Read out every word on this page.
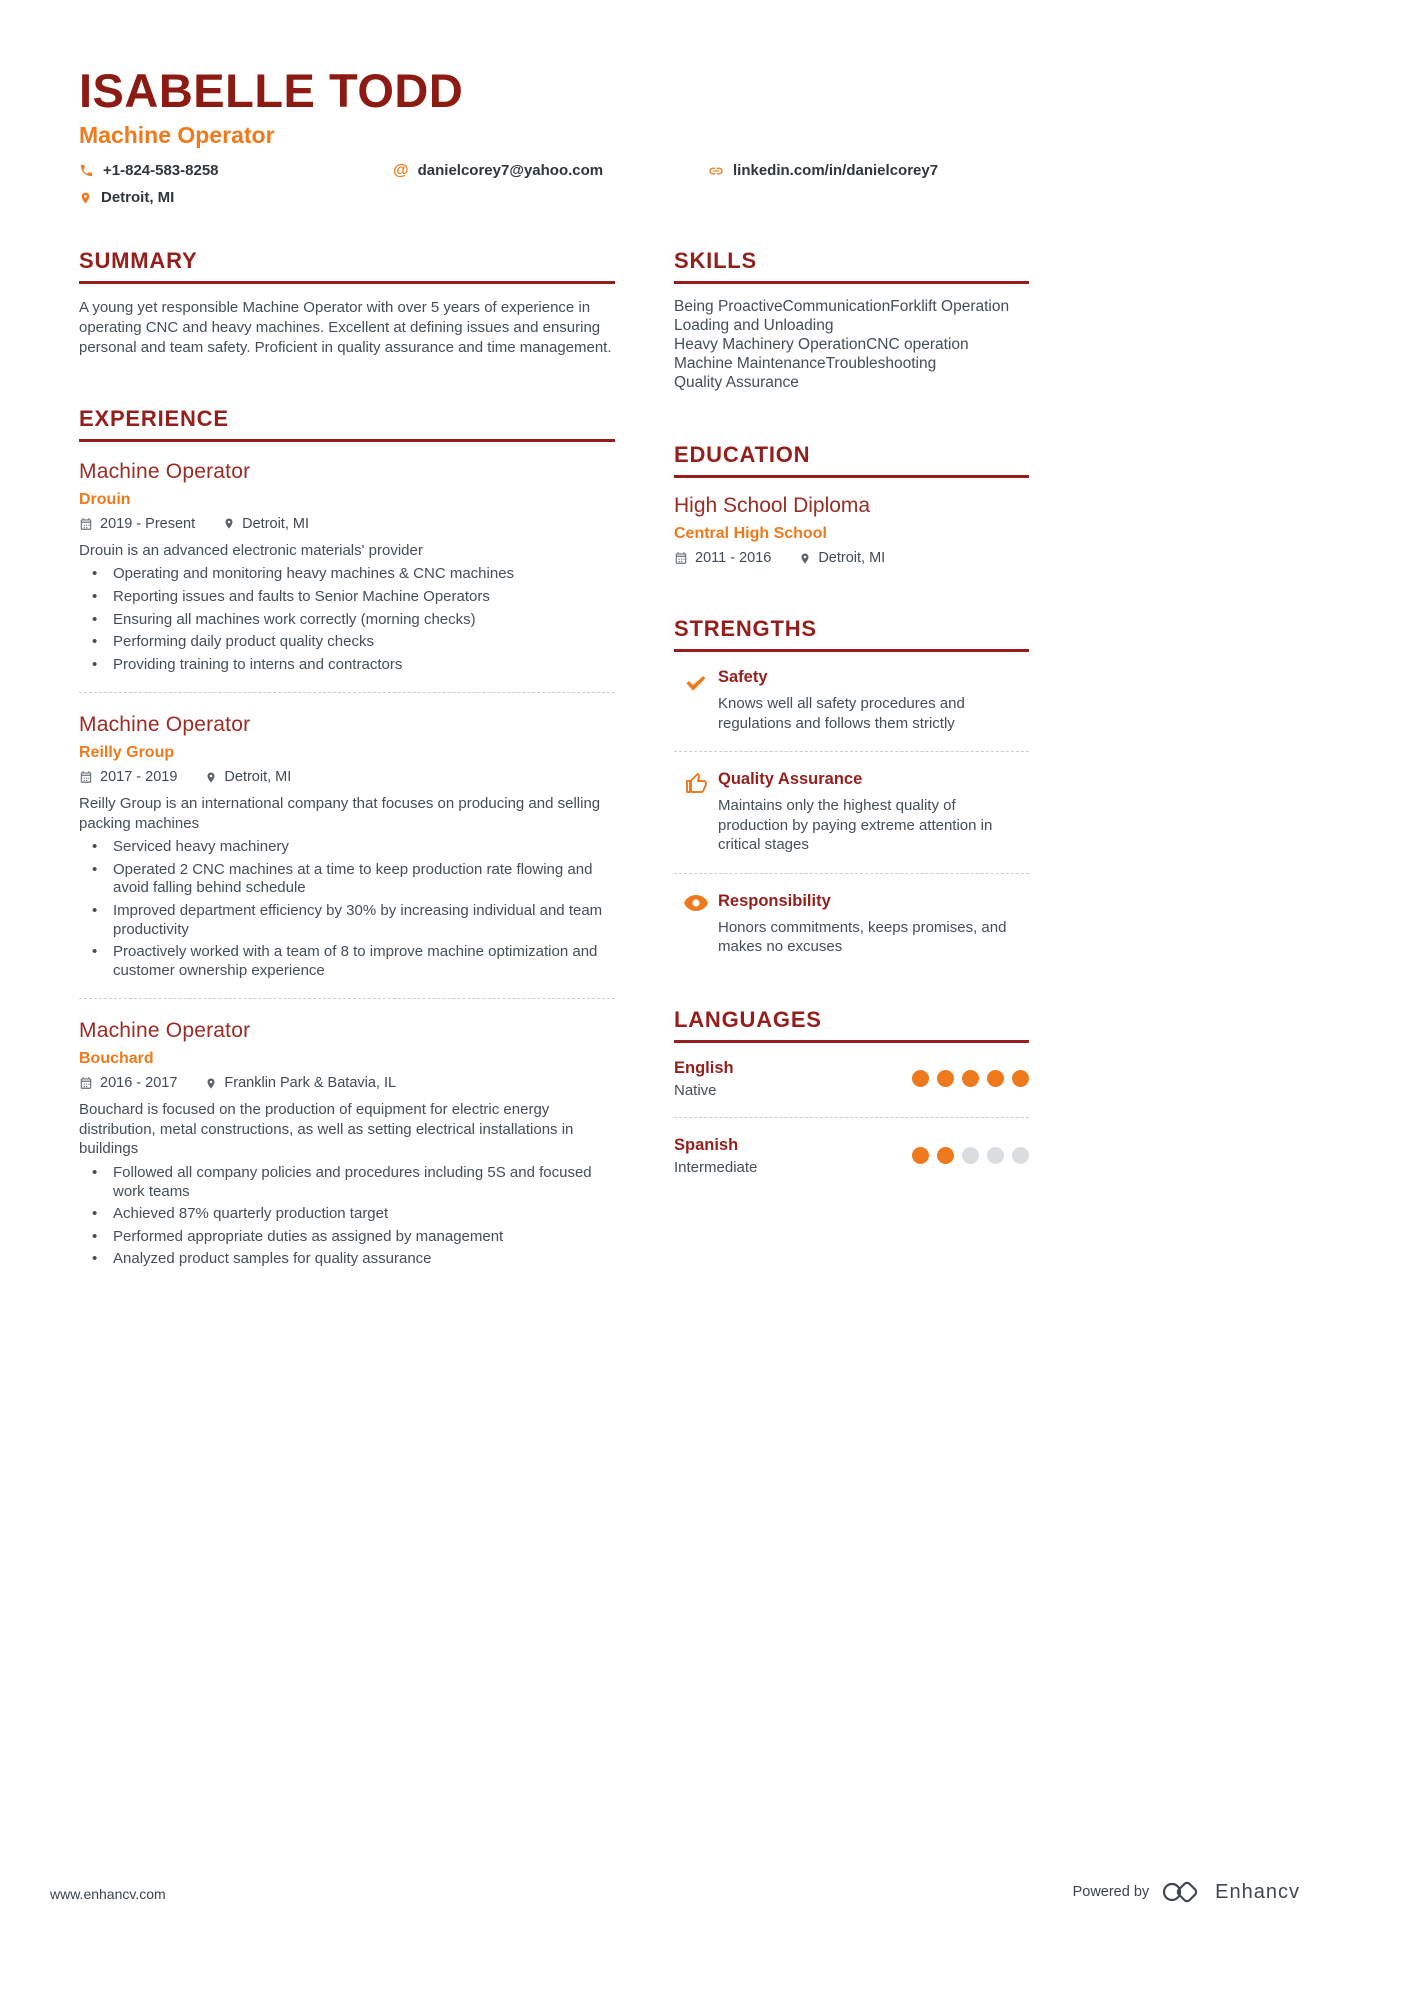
ISABELLE TODD
Machine Operator
+1-824-583-8258	@ danielcorey7@yahoo.com	linkedin.com/in/danielcorey7
Detroit, MI
SUMMARY
A young yet responsible Machine Operator with over 5 years of experience in operating CNC and heavy machines. Excellent at defining issues and ensuring personal and team safety. Proficient in quality assurance and time management.
EXPERIENCE
Machine Operator
Drouin
2019 - Present	Detroit, MI
Drouin is an advanced electronic materials' provider
• Operating and monitoring heavy machines & CNC machines
• Reporting issues and faults to Senior Machine Operators
• Ensuring all machines work correctly (morning checks)
• Performing daily product quality checks
• Providing training to interns and contractors
Machine Operator
Reilly Group
2017 - 2019	Detroit, MI
Reilly Group is an international company that focuses on producing and selling packing machines
• Serviced heavy machinery
• Operated 2 CNC machines at a time to keep production rate flowing and avoid falling behind schedule
• Improved department efficiency by 30% by increasing individual and team productivity
• Proactively worked with a team of 8 to improve machine optimization and customer ownership experience
Machine Operator
Bouchard
2016 - 2017	Franklin Park & Batavia, IL
Bouchard is focused on the production of equipment for electric energy distribution, metal constructions, as well as setting electrical installations in buildings
• Followed all company policies and procedures including 5S and focused work teams
• Achieved 87% quarterly production target
• Performed appropriate duties as assigned by management
• Analyzed product samples for quality assurance
SKILLS
Being ProactiveCommunicationForklift Operation
Loading and Unloading
Heavy Machinery OperationCNC operation
Machine MaintenanceTroubleshooting
Quality Assurance
EDUCATION
High School Diploma
Central High School
2011 - 2016	Detroit, MI
STRENGTHS
Safety
Knows well all safety procedures and regulations and follows them strictly
Quality Assurance
Maintains only the highest quality of production by paying extreme attention in critical stages
Responsibility
Honors commitments, keeps promises, and makes no excuses
LANGUAGES
English
Native
Spanish
Intermediate
www.enhancv.com	Powered by	Enhancv
